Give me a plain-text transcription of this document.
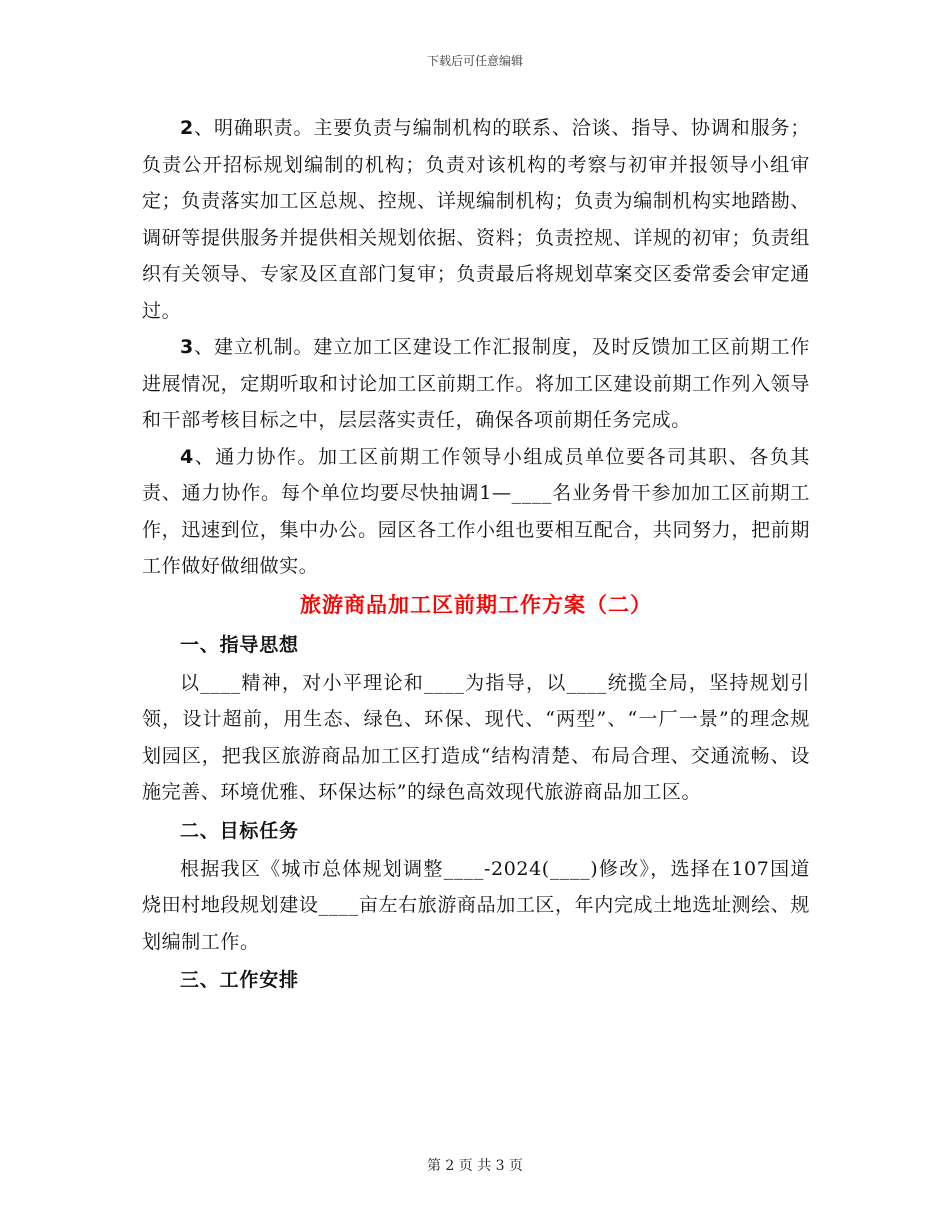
下载后可任意编辑

2、明确职责。主要负责与编制机构的联系、洽谈、指导、协调和服务；负责公开招标规划编制的机构；负责对该机构的考察与初审并报领导小组审定；负责落实加工区总规、控规、详规编制机构；负责为编制机构实地踏勘、调研等提供服务并提供相关规划依据、资料；负责控规、详规的初审；负责组织有关领导、专家及区直部门复审；负责最后将规划草案交区委常委会审定通过。

3、建立机制。建立加工区建设工作汇报制度，及时反馈加工区前期工作进展情况，定期听取和讨论加工区前期工作。将加工区建设前期工作列入领导和干部考核目标之中，层层落实责任，确保各项前期任务完成。

4、通力协作。加工区前期工作领导小组成员单位要各司其职、各负其责、通力协作。每个单位均要尽快抽调1—____名业务骨干参加加工区前期工作，迅速到位，集中办公。园区各工作小组也要相互配合，共同努力，把前期工作做好做细做实。

旅游商品加工区前期工作方案（二）
一、指导思想

以____精神，对小平理论和____为指导，以____统揽全局，坚持规划引领，设计超前，用生态、绿色、环保、现代、“两型”、“一厂一景”的理念规划园区，把我区旅游商品加工区打造成“结构清楚、布局合理、交通流畅、设施完善、环境优雅、环保达标”的绿色高效现代旅游商品加工区。

二、目标任务

根据我区《城市总体规划调整____-2024(____)修改》，选择在107国道烧田村地段规划建设____亩左右旅游商品加工区，年内完成土地选址测绘、规划编制工作。

三、工作安排
第 2 页 共 3 页
